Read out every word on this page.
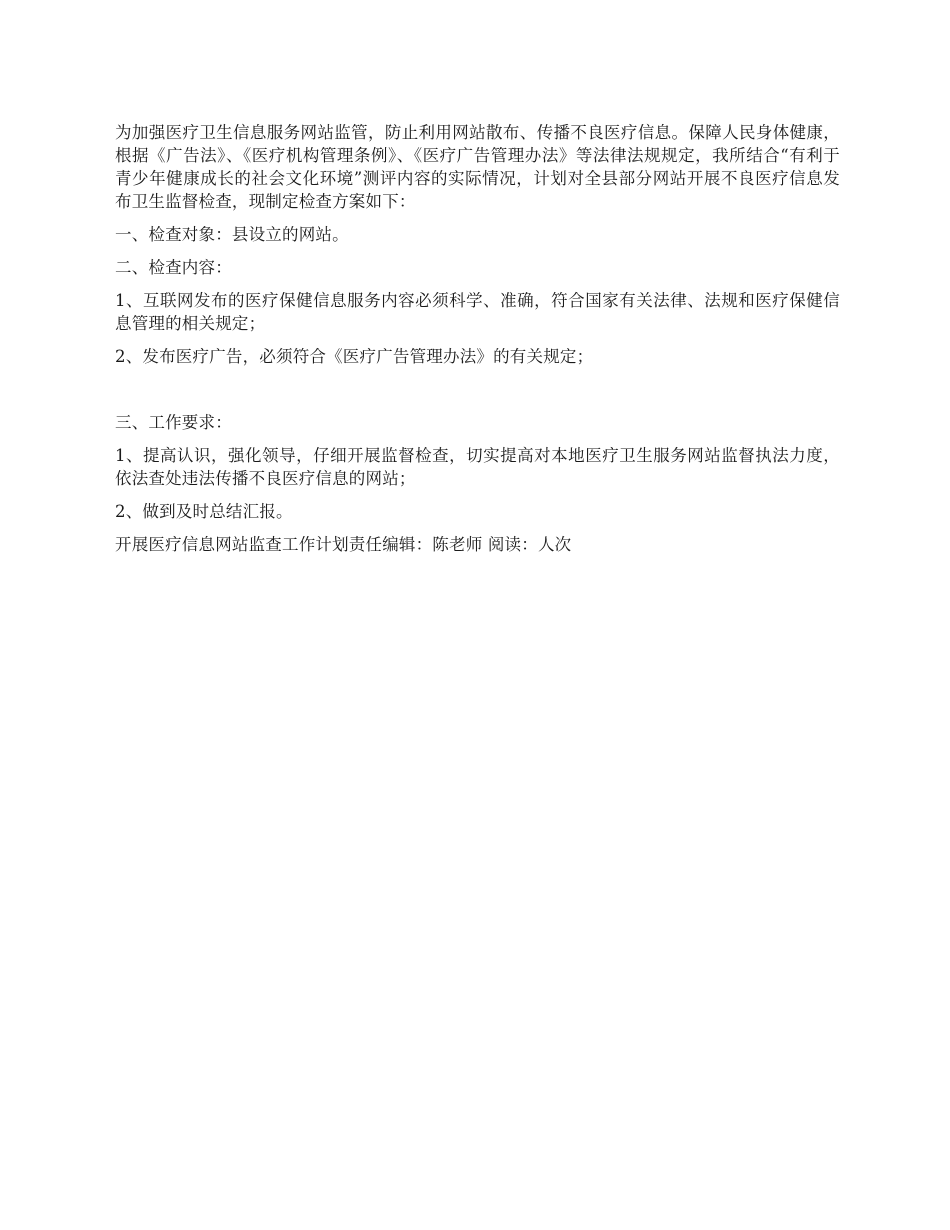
为加强医疗卫生信息服务网站监管，防止利用网站散布、传播不良医疗信息。保障人民身体健康，根据《广告法》、《医疗机构管理条例》、《医疗广告管理办法》等法律法规规定，我所结合“有利于青少年健康成长的社会文化环境”测评内容的实际情况，计划对全县部分网站开展不良医疗信息发布卫生监督检查，现制定检查方案如下：

一、检查对象：县设立的网站。

二、检查内容：

1、互联网发布的医疗保健信息服务内容必须科学、准确，符合国家有关法律、法规和医疗保健信息管理的相关规定；

2、发布医疗广告，必须符合《医疗广告管理办法》的有关规定；

三、工作要求：

1、提高认识，强化领导，仔细开展监督检查，切实提高对本地医疗卫生服务网站监督执法力度，依法查处违法传播不良医疗信息的网站；

2、做到及时总结汇报。

开展医疗信息网站监查工作计划责任编辑：陈老师 阅读：人次
